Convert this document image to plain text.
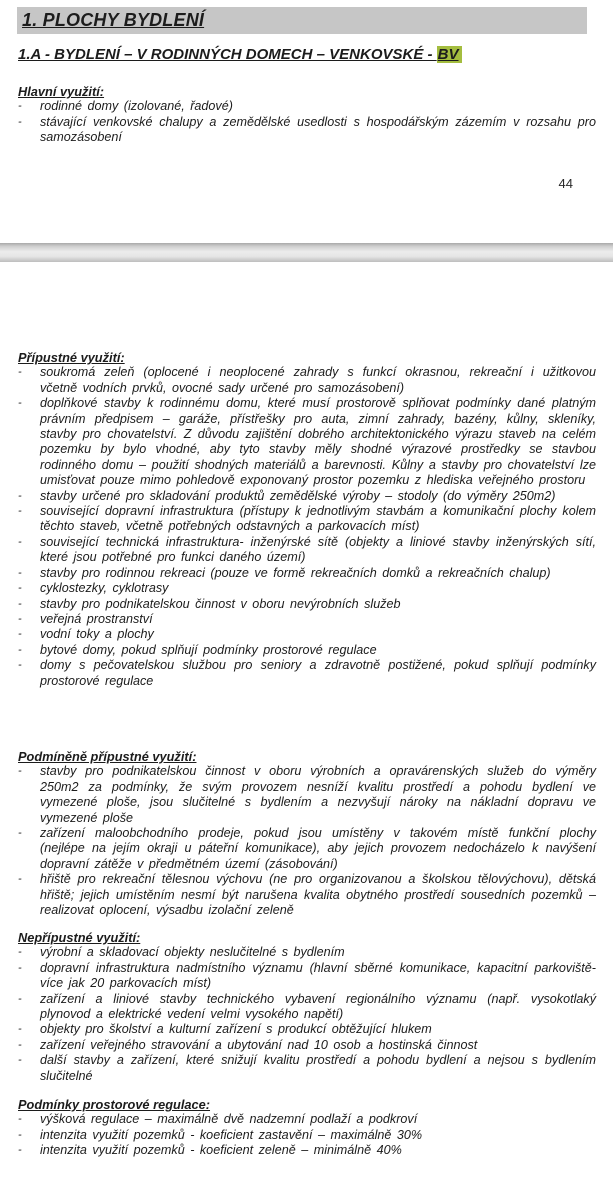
1. PLOCHY BYDLENÍ
1.A - BYDLENÍ – V RODINNÝCH DOMECH – VENKOVSKÉ - BV
Hlavní využití:
-	rodinné domy (izolované, řadové)
-	stávající venkovské chalupy a zemědělské usedlosti s hospodářským zázemím v rozsahu pro samozásobení
44
Přípustné využití:
-	soukromá zeleň (oplocené i neoplocené zahrady s funkcí okrasnou, rekreační i užitkovou včetně vodních prvků, ovocné sady určené pro samozásobení)
-	doplňkové stavby k rodinnému domu, které musí prostorově splňovat podmínky dané platným právním předpisem – garáže, přístřešky pro auta, zimní zahrady, bazény, kůlny, skleníky, stavby pro chovatelství. Z důvodu zajištění dobrého architektonického výrazu staveb na celém pozemku by bylo vhodné, aby tyto stavby měly shodné výrazové prostředky se stavbou rodinného domu – použití shodných materiálů a barevnosti. Kůlny a stavby pro chovatelství lze umisťovat pouze mimo pohledově exponovaný prostor pozemku z hlediska veřejného prostoru
-	stavby určené pro skladování produktů zemědělské výroby – stodoly (do výměry 250m2)
-	související dopravní infrastruktura (přístupy k jednotlivým stavbám a komunikační plochy kolem těchto staveb, včetně potřebných odstavných a parkovacích míst)
-	související technická infrastruktura- inženýrské sítě (objekty a liniové stavby inženýrských sítí, které jsou potřebné pro funkci daného území)
-	stavby pro rodinnou rekreaci (pouze ve formě rekreačních domků a rekreačních chalup)
-	cyklostezky, cyklotrasy
-	stavby pro podnikatelskou činnost v oboru nevýrobních služeb
-	veřejná prostranství
-	vodní toky a plochy
-	bytové domy, pokud splňují podmínky prostorové regulace
-	domy s pečovatelskou službou pro seniory a zdravotně postižené, pokud splňují podmínky prostorové regulace
Podmíněně přípustné využití:
-	stavby pro podnikatelskou činnost v oboru výrobních a opravárenských služeb do výměry 250m2 za podmínky, že svým provozem nesníží kvalitu prostředí a pohodu bydlení ve vymezené ploše, jsou slučitelné s bydlením a nezvyšují nároky na nákladní dopravu ve vymezené ploše
-	zařízení maloobchodního prodeje, pokud jsou umístěny v takovém místě funkční plochy (nejlépe na jejím okraji u páteřní komunikace), aby jejich provozem nedocházelo k navýšení dopravní zátěže v předmětném území (zásobování)
-	hřiště pro rekreační tělesnou výchovu (ne pro organizovanou a školskou tělovýchovu), dětská hřiště; jejich umístěním nesmí být narušena kvalita obytného prostředí sousedních pozemků – realizovat oplocení, výsadbu izolační zeleně
Nepřípustné využití:
-	výrobní a skladovací objekty neslučitelné s bydlením
-	dopravní infrastruktura nadmístního významu (hlavní sběrné komunikace, kapacitní parkoviště- více jak 20 parkovacích míst)
-	zařízení a liniové stavby technického vybavení regionálního významu (např. vysokotlaký plynovod a elektrické vedení velmi vysokého napětí)
-	objekty pro školství a kulturní zařízení s produkcí obtěžující hlukem
-	zařízení veřejného stravování a ubytování nad 10 osob a hostinská činnost
-	další stavby a zařízení, které snižují kvalitu prostředí a pohodu bydlení a nejsou s bydlením slučitelné
Podmínky prostorové regulace:
-	výšková regulace – maximálně dvě nadzemní podlaží a podkroví
-	intenzita využití pozemků - koeficient zastavění – maximálně 30%
-	intenzita využití pozemků - koeficient zeleně – minimálně 40%
